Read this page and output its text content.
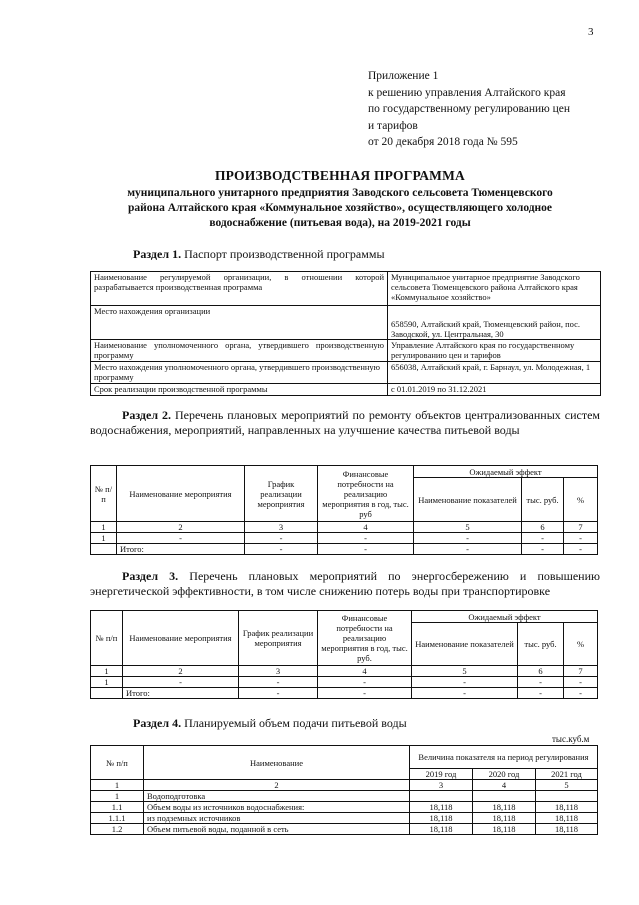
3
Приложение 1
к решению управления Алтайского края
по государственному регулированию цен
и тарифов
от 20 декабря 2018 года № 595
ПРОИЗВОДСТВЕННАЯ ПРОГРАММА
муниципального унитарного предприятия Заводского сельсовета Тюменцевского
района Алтайского края «Коммунальное хозяйство», осуществляющего холодное
водоснабжение (питьевая вода), на 2019-2021 годы
Раздел 1. Паспорт производственной программы
Наименование регулируемой организации, в отношении которой разрабатывается производственная программа	Муниципальное унитарное предприятие Заводского сельсовета Тюменцевского района Алтайского края «Коммунальное хозяйство»
Место нахождения организации	658590, Алтайский край, Тюменцевский район, пос. Заводской, ул. Центральная, 30
Наименование уполномоченного органа, утвердившего производственную программу	Управление Алтайского края по государственному регулированию цен и тарифов
Место нахождения уполномоченного органа, утвердившего производственную программу	656038, Алтайский край, г. Барнаул, ул. Молодежная, 1
Срок реализации производственной программы	с 01.01.2019 по 31.12.2021
Раздел 2. Перечень плановых мероприятий по ремонту объектов централизованных систем водоснабжения, мероприятий, направленных на улучшение качества питьевой воды
№ п/п	Наименование мероприятия	График реализации мероприятия	Финансовые потребности на реализацию мероприятия в год, тыс. руб	Ожидаемый эффект		
				Наименование показателей	тыс. руб.	%
1	2	3	4	5	6	7
1	-	-	-	-	-	-
	Итого:	-	-	-	-	-
Раздел 3. Перечень плановых мероприятий по энергосбережению и повышению энергетической эффективности, в том числе снижению потерь воды при транспортировке
№ п/п	Наименование мероприятия	График реализации мероприятия	Финансовые потребности на реализацию мероприятия в год, тыс. руб.	Ожидаемый эффект		
				Наименование показателей	тыс. руб.	%
1	2	3	4	5	6	7
1	-	-	-	-	-	-
	Итого:	-	-	-	-	-
Раздел 4. Планируемый объем подачи питьевой воды
тыс.куб.м
№ п/п	Наименование	Величина показателя на период регулирования		
		2019 год	2020 год	2021 год
1	2	3	4	5
1	Водоподготовка			
1.1	Объем воды из источников водоснабжения:	18,118	18,118	18,118
1.1.1	из подземных источников	18,118	18,118	18,118
1.2	Объем питьевой воды, поданной в сеть	18,118	18,118	18,118
